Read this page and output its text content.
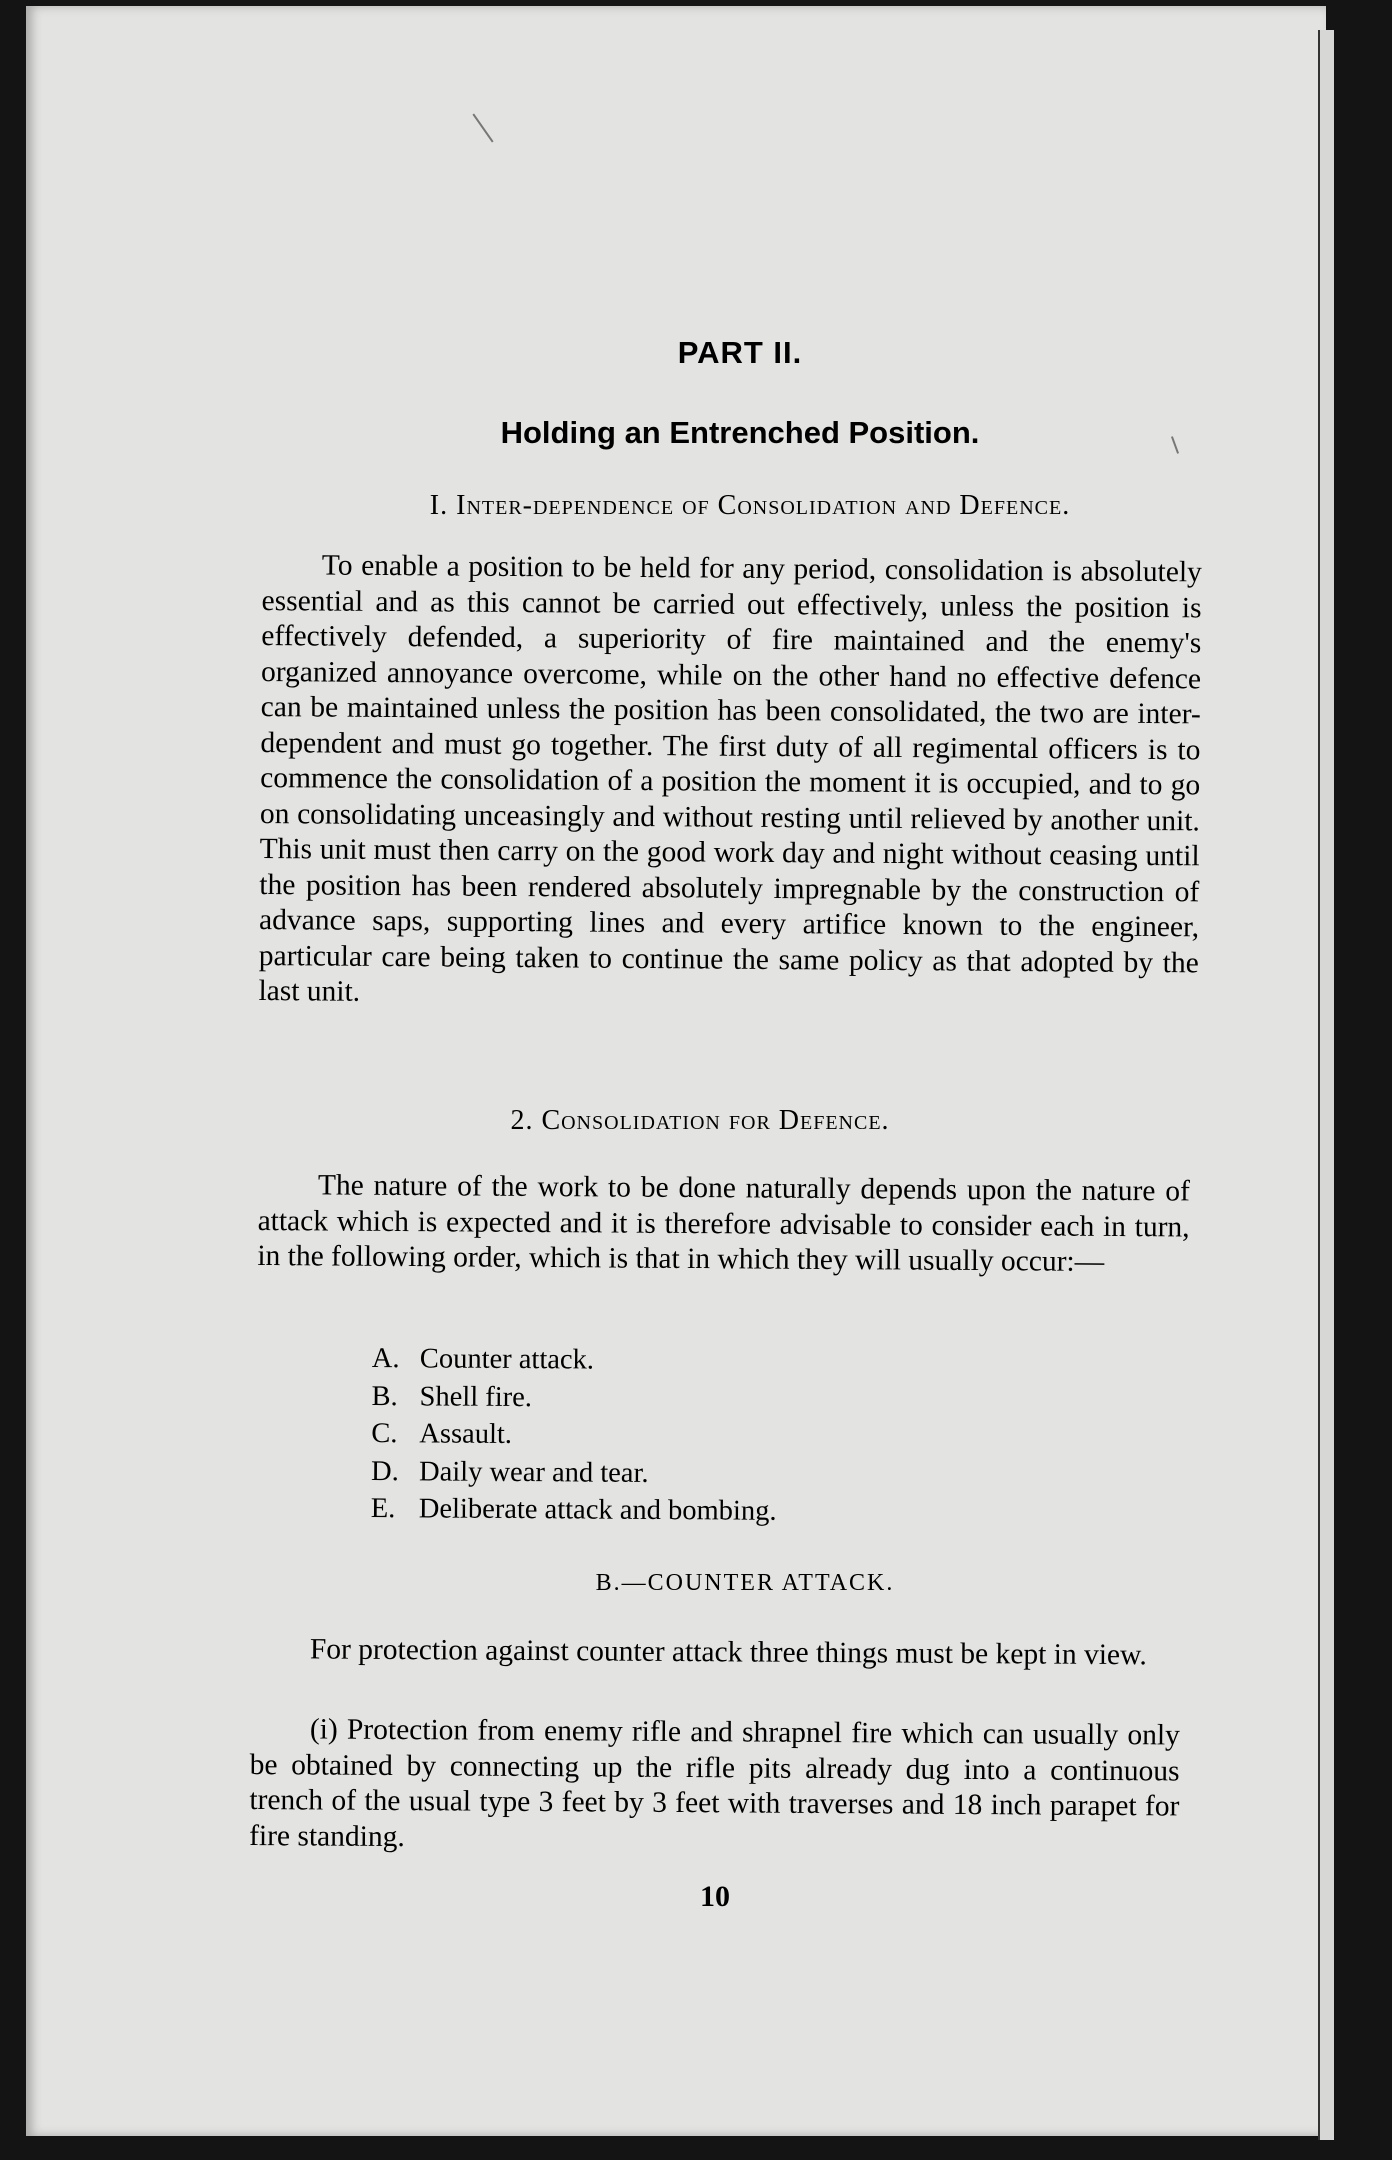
PART II.
Holding an Entrenched Position.
I. Inter-dependence of Consolidation and Defence.

To enable a position to be held for any period, consolidation is absolutely essential and as this cannot be carried out effectively, unless the position is effectively defended, a superiority of fire maintained and the enemy's organized annoyance overcome, while on the other hand no effective defence can be maintained unless the position has been consolidated, the two are inter-dependent and must go together. The first duty of all regimental officers is to commence the consolidation of a position the moment it is occupied, and to go on consolidating unceasingly and without resting until relieved by another unit. This unit must then carry on the good work day and night without ceasing until the position has been rendered absolutely impregnable by the construction of advance saps, supporting lines and every artifice known to the engineer, particular care being taken to continue the same policy as that adopted by the last unit.

2. Consolidation for Defence.

The nature of the work to be done naturally depends upon the nature of attack which is expected and it is therefore advisable to consider each in turn, in the following order, which is that in which they will usually occur:—

A. Counter attack.
B. Shell fire.
C. Assault.
D. Daily wear and tear.
E. Deliberate attack and bombing.
B.—COUNTER ATTACK.

For protection against counter attack three things must be kept in view.

(i) Protection from enemy rifle and shrapnel fire which can usually only be obtained by connecting up the rifle pits already dug into a continuous trench of the usual type 3 feet by 3 feet with traverses and 18 inch parapet for fire standing.

10
